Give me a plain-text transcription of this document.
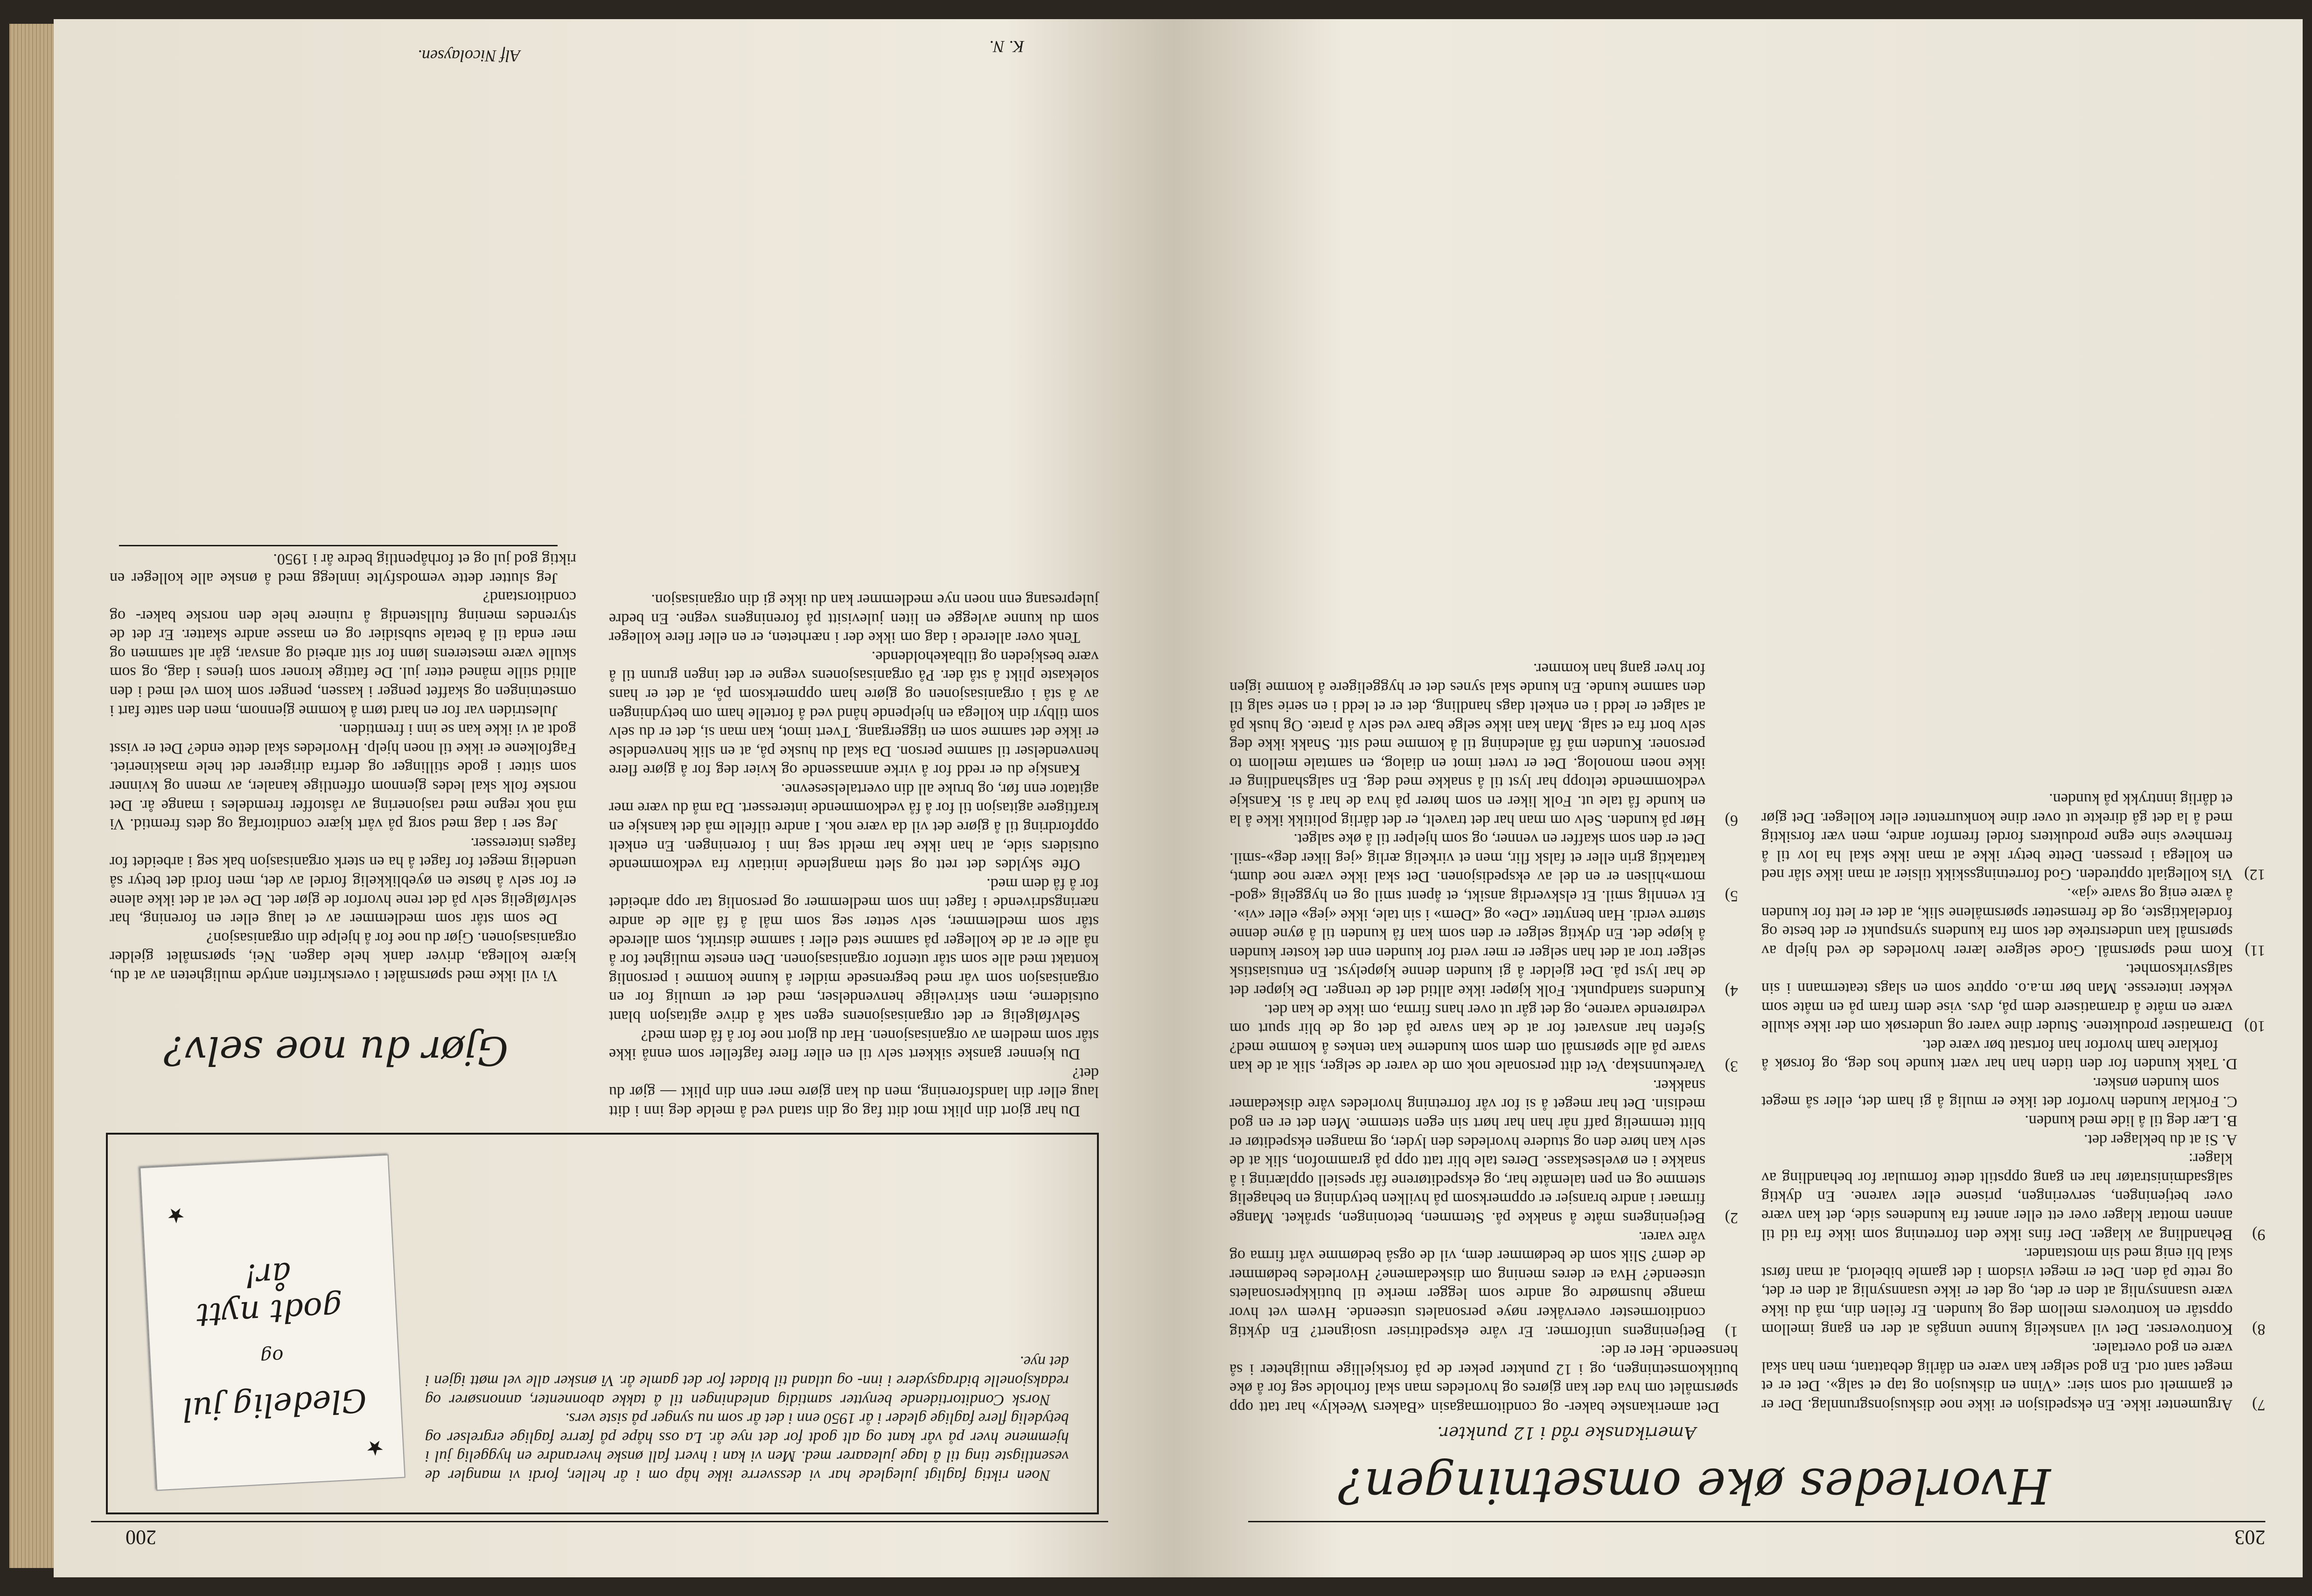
203
Hvorledes øke omsetningen?
Amerikanske råd i 12 punkter.

Det amerikanske baker- og conditormagasin «Bakers Weekly» har tatt opp spørsmålet om hva der kan gjøres og hvorledes man skal forholde seg for å øke butikkomsetningen, og i 12 punkter peker de på forskjellige muligheter i så henseende. Her er de:

1)
Betjeningens uniformer. Er våre ekspeditriser usoignert? En dyktig conditormester overvåker nøye personalets utseende. Hvem vet hvor mange husmødre og andre som legger merke til butikkpersonalets utseende? Hva er deres mening om diskedamene? Hvorledes bedømmer de dem? Slik som de bedømmer dem, vil de også bedømme vårt firma og våre varer.
2)
Betjeningens måte å snakke på. Stemmen, betoningen, språket. Mange firmaer i andre bransjer er oppmerksom på hvilken betydning en behagelig stemme og en pen talemåte har, og ekspeditørene får spesiell opplæring i å snakke i en øvelseskasse. Deres tale blir tatt opp på grammofon, slik at de selv kan høre den og studere hvorledes den lyder, og mangen ekspeditør er blitt temmelig paff når han har hørt sin egen stemme. Men det er en god medisin. Det har meget å si for vår forretning hvorledes våre diskedamer snakker.
3)
Varekunnskap. Vet ditt personale nok om de varer de selger, slik at de kan svare på alle spørsmål om dem som kunderne kan tenkes å komme med? Sjefen har ansvaret for at de kan svare på det og de blir spurt om vedrørende varene, og det går ut over hans firma, om ikke de kan det.
4)
Kundens standpunkt. Folk kjøper ikke alltid det de trenger. De kjøper det de har lyst på. Det gjelder å gi kunden denne kjøpelyst. En entusiastisk selger tror at det han selger er mer verd for kunden enn det koster kunden å kjøpe det. En dyktig selger er den som kan få kunden til å øyne denne større verdi. Han benytter «De» og «Dem» i sin tale, ikke «jeg» eller «vi».
5)
Et vennlig smil. Et elskverdig ansikt, et åpent smil og en hyggelig «god-morn»hilsen er en del av ekspedisjonen. Det skal ikke være noe dumt, kattaktig grin eller et falsk flir, men et virkelig ærlig «jeg liker deg»-smil. Det er den som skaffer en venner, og som hjelper til å øke salget.
6)
Hør på kunden. Selv om man har det travelt, er det dårlig politikk ikke å la en kunde få tale ut. Folk liker en som hører på hva de har å si. Kanskje vedkommende teltopp har lyst til å snakke med deg. En salgshandling er ikke noen monolog. Det er tvert imot en dialog, en samtale mellom to personer. Kunden må få anledning til å komme med sitt. Snakk ikke deg selv bort fra et salg. Man kan ikke selge bare ved selv å prate. Og husk på at salget er ledd i en enkelt dags handling, det er et ledd i en serie salg til den samme kunde. En kunde skal synes det er hyggeligere å komme igjen for hver gang han kommer.
7)
Argumenter ikke. En ekspedisjon er ikke noe diskusjonsgrunnlag. Der er et gammelt ord som sier: «Vinn en diskusjon og tap et salg». Det er et meget sant ord. En god selger kan være en dårlig debattant, men han skal være en god overtaler.
8)
Kontroverser. Det vil vanskelig kunne unngås at der en gang imellom oppstår en kontrovers mellom deg og kunden. Er feilen din, må du ikke være usannsynlig at den er det, og det er ikke usannsynlig at den er det, og rette på den. Det er meget visdom i det gamle bibelord, at man først skal bli enig med sin motstander.
9)
Behandling av klager. Der fins ikke den forretning som ikke fra tid til annen mottar klager over ett eller annet fra kundenes side, det kan være over betjeningen, serveringen, prisene eller varene. En dyktig salgsadministratør har en gang oppstilt dette formular for behandling av klager:
A.
Si at du beklager det.
B.
Lær deg til å lide med kunden.
C.
Forklar kunden hvorfor det ikke er mulig å gi ham det, eller så meget som kunden ønsker.
D.
Takk kunden for den tiden han har vært kunde hos deg, og forsøk å forklare ham hvorfor han fortsatt bør være det.
10)
Dramatiser produktene. Studer dine varer og undersøk om der ikke skulle være en måte å dramatisere dem på, dvs. vise dem fram på en måte som vekker interesse. Man bør m.a.o. opptre som en slags teatermann i sin salgsvirksomhet.
11)
Kom med spørsmål. Gode selgere lærer hvorledes de ved hjelp av spørsmål kan understreke det som fra kundens synspunkt er det beste og fordelaktigste, og de fremsetter spørsmålene slik, at det er lett for kunden å være enig og svare «ja».
12)
Vis kollegialt opptreden. God forretningsskikk tilsier at man ikke slår ned en kollega i pressen. Dette betyr ikke at man ikke skal ha lov til å fremheve sine egne produkters fordel fremfor andre, men vær forsiktig med å la det gå direkte ut over dine konkurrenter eller kolleger. Det gjør et dårlig inntrykk på kunden.
200
★
Gledelig jul
og
godt nytt år!
★

Noen riktig fagligt julegledе har vi dessverre ikke håp om i år heller, fordi vi mangler de vesentligste ting til å lage juleaarer med. Men vi kan i hvert fall ønske hverandre en hyggelig jul i hjemmene hver på vår kant og alt godt for det nye år. La oss håpe på færre faglige ergrelser og betydelig flere faglige gleder i år 1950 enn i det år som nu synger på siste vers.

Norsk Conditortidende benytter samtidig anledningen til å takke abonnenter, annonsører og redaksjonelle bidragsydere i inn- og utland til bladet for det gamle år. Vi ønsker alle vel møtt igjen i det nye.

Du har gjort din plikt mot ditt fag og din stand ved å melde deg inn i ditt laug eller din landsforening, men du kan gjøre mer enn din plikt — gjør du det?

Du kjenner ganske sikkert selv til en eller flere fagfeller som ennå ikke står som medlem av organisasjonen. Har du gjort noe for å få dem med?

Selvfølgelig er det organisasjonens egen sak å drive agitasjon blant outsiderne, men skrivelige henvendelser, med det er umulig for en organisasjon som vår med begrensede midler å kunne komme i personlig kontakt med alle som står utenfor organisasjonen. Den eneste mulighet for å nå alle er at de kolleger på samme sted eller i samme distrikt, som allerede står som medlemmer, selv setter seg som mål å få alle de andre næringsdrivende i faget inn som medlemmer og personlig tar opp arbeidet for å få dem med.

Ofte skyldes det rett og slett manglende initiativ fra vedkommende outsiders side, at han ikke har meldt seg inn i foreningen. En enkelt oppfordring til å gjøre det vil da være nok. I andre tilfelle må det kanskje en kraftigere agitasjon til for å få vedkommende interessert. Da må du være mer agitator enn før, og bruke all din overtalelsesevne.

Kanskje du er redd for å virke anmassende og kvier deg for å gjøre flere henvendelser til samme person. Da skal du huske på, at en slik henvendelse er ikke det samme som en tiggergang. Tvert imot, kan man si, det er du selv som tilbyr din kollega en hjelpende hånd ved å fortelle ham om betydningen av å stå i organisasjonen og gjøre ham oppmerksom på, at det er hans solekaste plikt å stå der. På organisasjonens vegne er det ingen grunn til å være beskjeden og tilbakeholdende.

Tenk over allerede i dag om ikke der i nærheten, er en eller flere kolleger som du kunne avlegge en liten julevisitt på foreningens vegne. En bedre julepresang enn noen nye medlemmer kan du ikke gi din organisasjon.

K. N.
Gjør du noe selv?

Vi vil ikke med spørsmålet i overskriften antyde muligheten av at du, kjære kollega, driver dank hele dagen. Nei, spørsmålet gjelder organisasjonen. Gjør du noe for å hjelpe din organisasjon?

De som står som medlemmer av et laug eller en forening, har selvfølgelig selv på det rene hvorfor de gjør det. De vet at det ikke alene er for selv å høste en øyeblikkelig fordel av det, men fordi det betyr så uendelig meget for faget å ha en sterk organisasjon bak seg i arbeidet for fagets interesser.

Jeg ser i dag med sorg på vårt kjære conditorfag og dets fremtid. Vi må nok regne med rasjonering av råstoffer fremdeles i mange år. Det norske folk skal ledes gjennom offentlige kanaler, av menn og kvinner som sitter i gode stillinger og derfra dirigerer det hele maskineriet. Fagfolkene er ikke til noen hjelp. Hvorledes skal dette ende? Det er visst godt at vi ikke kan se inn i fremtiden.

Julestriden var for en hard tørn å komme gjennom, men den satte fart i omsetningen og skaffet penger i kassen, penger som kom vel med i den alltid stille måned etter jul. De fattige kroner som tjenes i dag, og som skulle være mesterens lønn for sitt arbeid og ansvar, går alt sammen og mer enda til å betale subsidier og en masse andre skatter. Er det de styrendes mening fullstendig å ruinere hele den norske baker- og conditorstand?

Jeg slutter dette vemodsfylte innlegg med å ønske alle kolleger en riktig god jul og et forhåpentlig bedre år i 1950.

Alf Nicolaysen.
